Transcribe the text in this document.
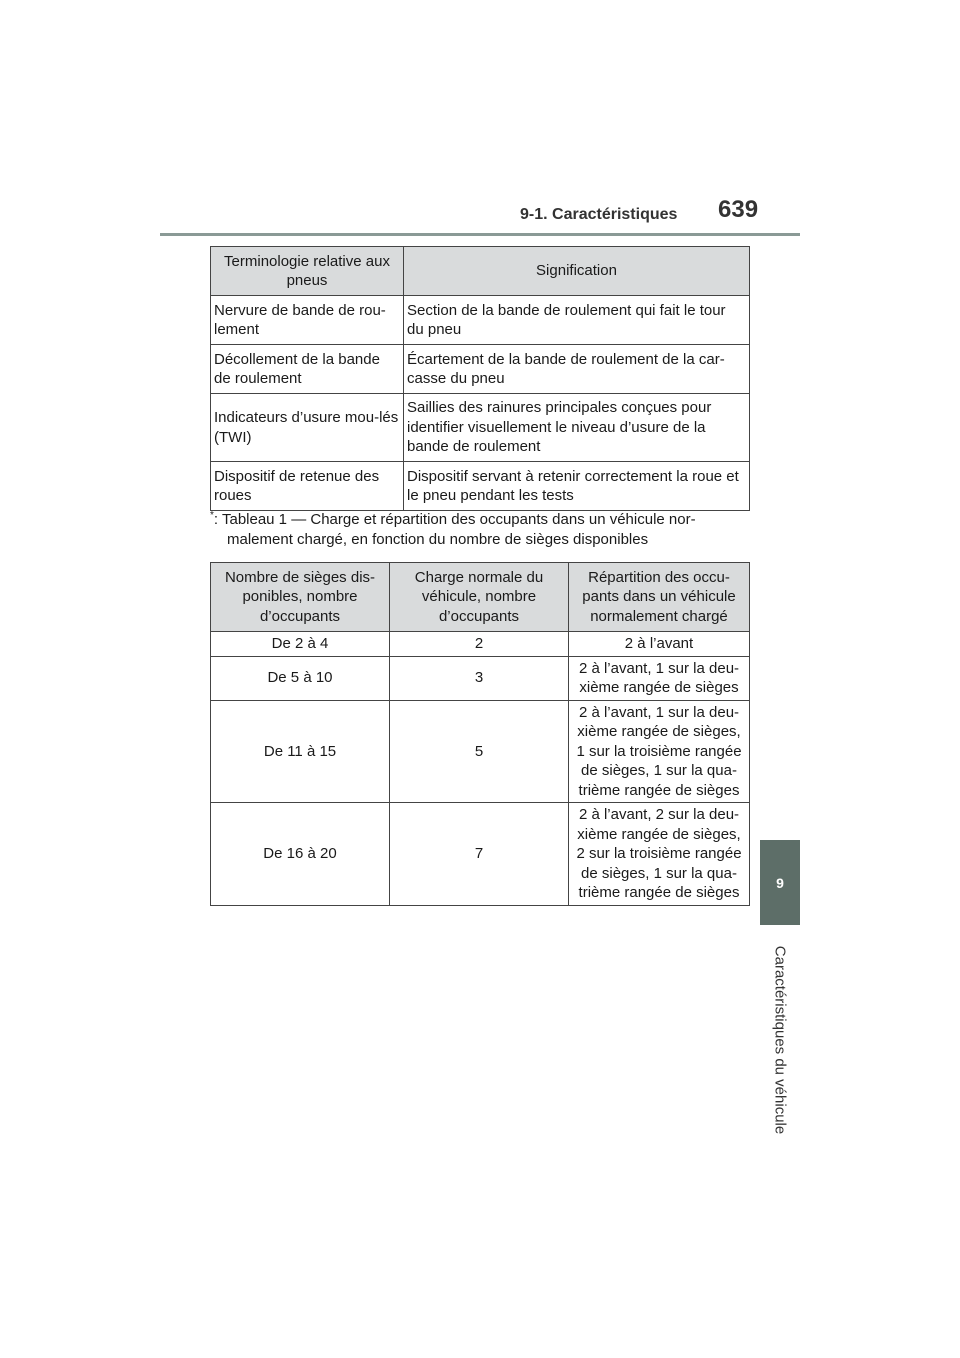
9-1. Caractéristiques 639
9
Caractéristiques du véhicule
Terminologie relative aux pneus	Signification
Nervure de bande de rou-lement	Section de la bande de roulement qui fait le tour du pneu
Décollement de la bande de roulement	Écartement de la bande de roulement de la car-casse du pneu
Indicateurs d’usure mou-lés (TWI)	Saillies des rainures principales conçues pour identifier visuellement le niveau d’usure de la bande de roulement
Dispositif de retenue des roues	Dispositif servant à retenir correctement la roue et le pneu pendant les tests
*: Tableau 1 — Charge et répartition des occupants dans un véhicule nor-
malement chargé, en fonction du nombre de sièges disponibles
Nombre de sièges dis-ponibles, nombre d’occupants	Charge normale du véhicule, nombre d’occupants	Répartition des occu-pants dans un véhicule normalement chargé
De 2 à 4	2	2 à l’avant
De 5 à 10	3	2 à l’avant, 1 sur la deu-xième rangée de sièges
De 11 à 15	5	2 à l’avant, 1 sur la deu-xième rangée de sièges, 1 sur la troisième rangée de sièges, 1 sur la qua-trième rangée de sièges
De 16 à 20	7	2 à l’avant, 2 sur la deu-xième rangée de sièges, 2 sur la troisième rangée de sièges, 1 sur la qua-trième rangée de sièges
